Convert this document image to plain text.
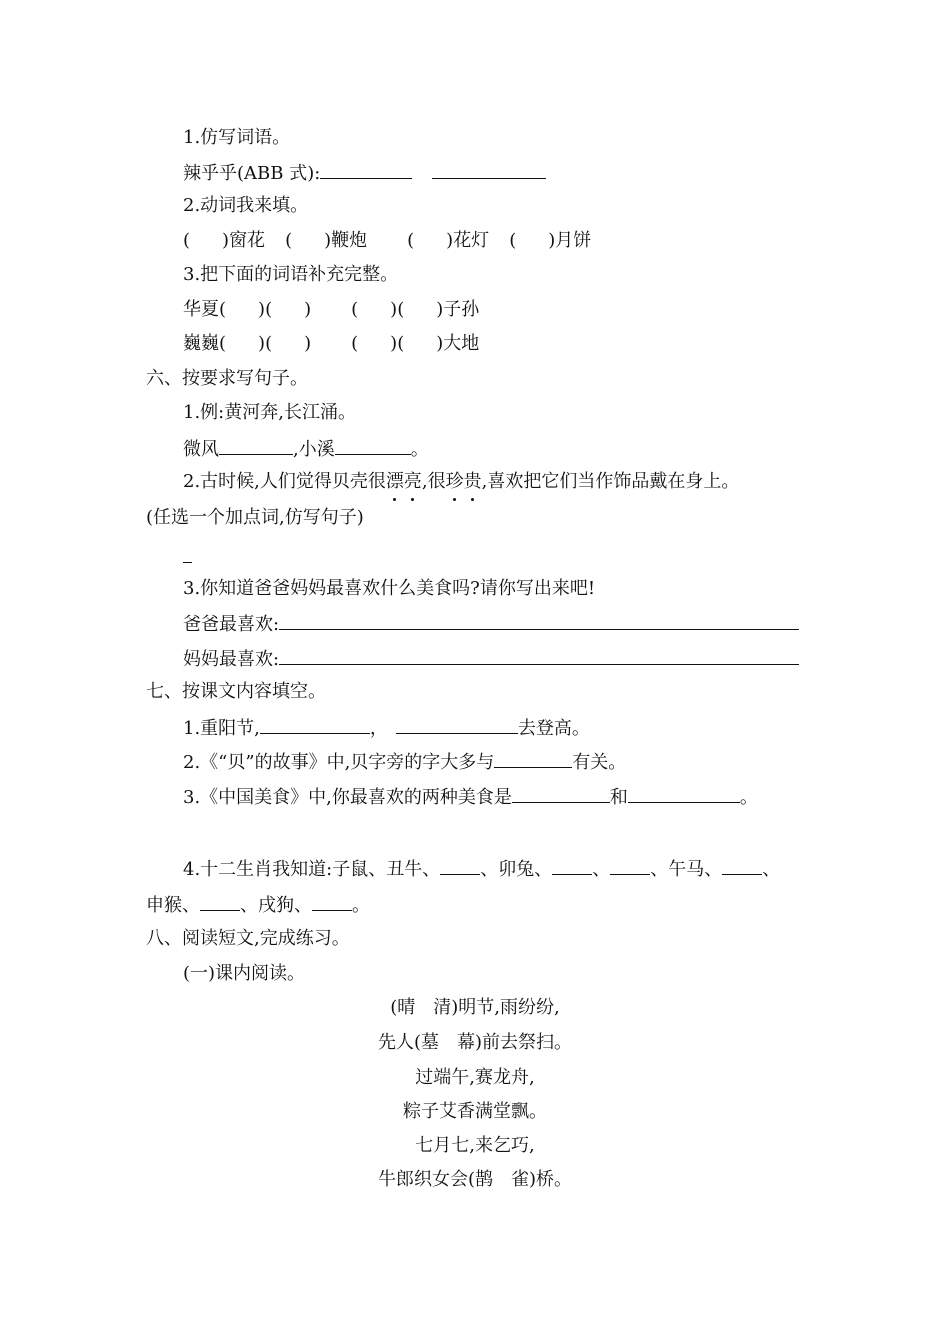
1.仿写词语。
辣乎乎(ABB 式):
2.动词我来填。
( )窗花 ( )鞭炮 ( )花灯 ( )月饼
3.把下面的词语补充完整。
华夏( )( ) ( )( )子孙
巍巍( )( ) ( )( )大地
六、按要求写句子。
1.例:黄河奔,长江涌。
微风	,小溪	。
2.古时候,人们觉得贝壳很漂亮,很珍贵,喜欢把它们当作饰品戴在身上。
(任选一个加点词,仿写句子)
3.你知道爸爸妈妈最喜欢什么美食吗?请你写出来吧!
爸爸最喜欢:
妈妈最喜欢:
七、按课文内容填空。
1.重阳节,	，	去登高。
2.《“贝”的故事》中,贝字旁的字大多与	有关。
3.《中国美食》中,你最喜欢的两种美食是	和	。
4.十二生肖我知道:子鼠、丑牛、 、卯兔、 、 、午马、 、
申猴、 、戌狗、 。
八、阅读短文,完成练习。
(一)课内阅读。
(晴　清)明节,雨纷纷,
先人(墓　幕)前去祭扫。
过端午,赛龙舟,
粽子艾香满堂飘。
七月七,来乞巧,
牛郎织女会(鹊　雀)桥。
